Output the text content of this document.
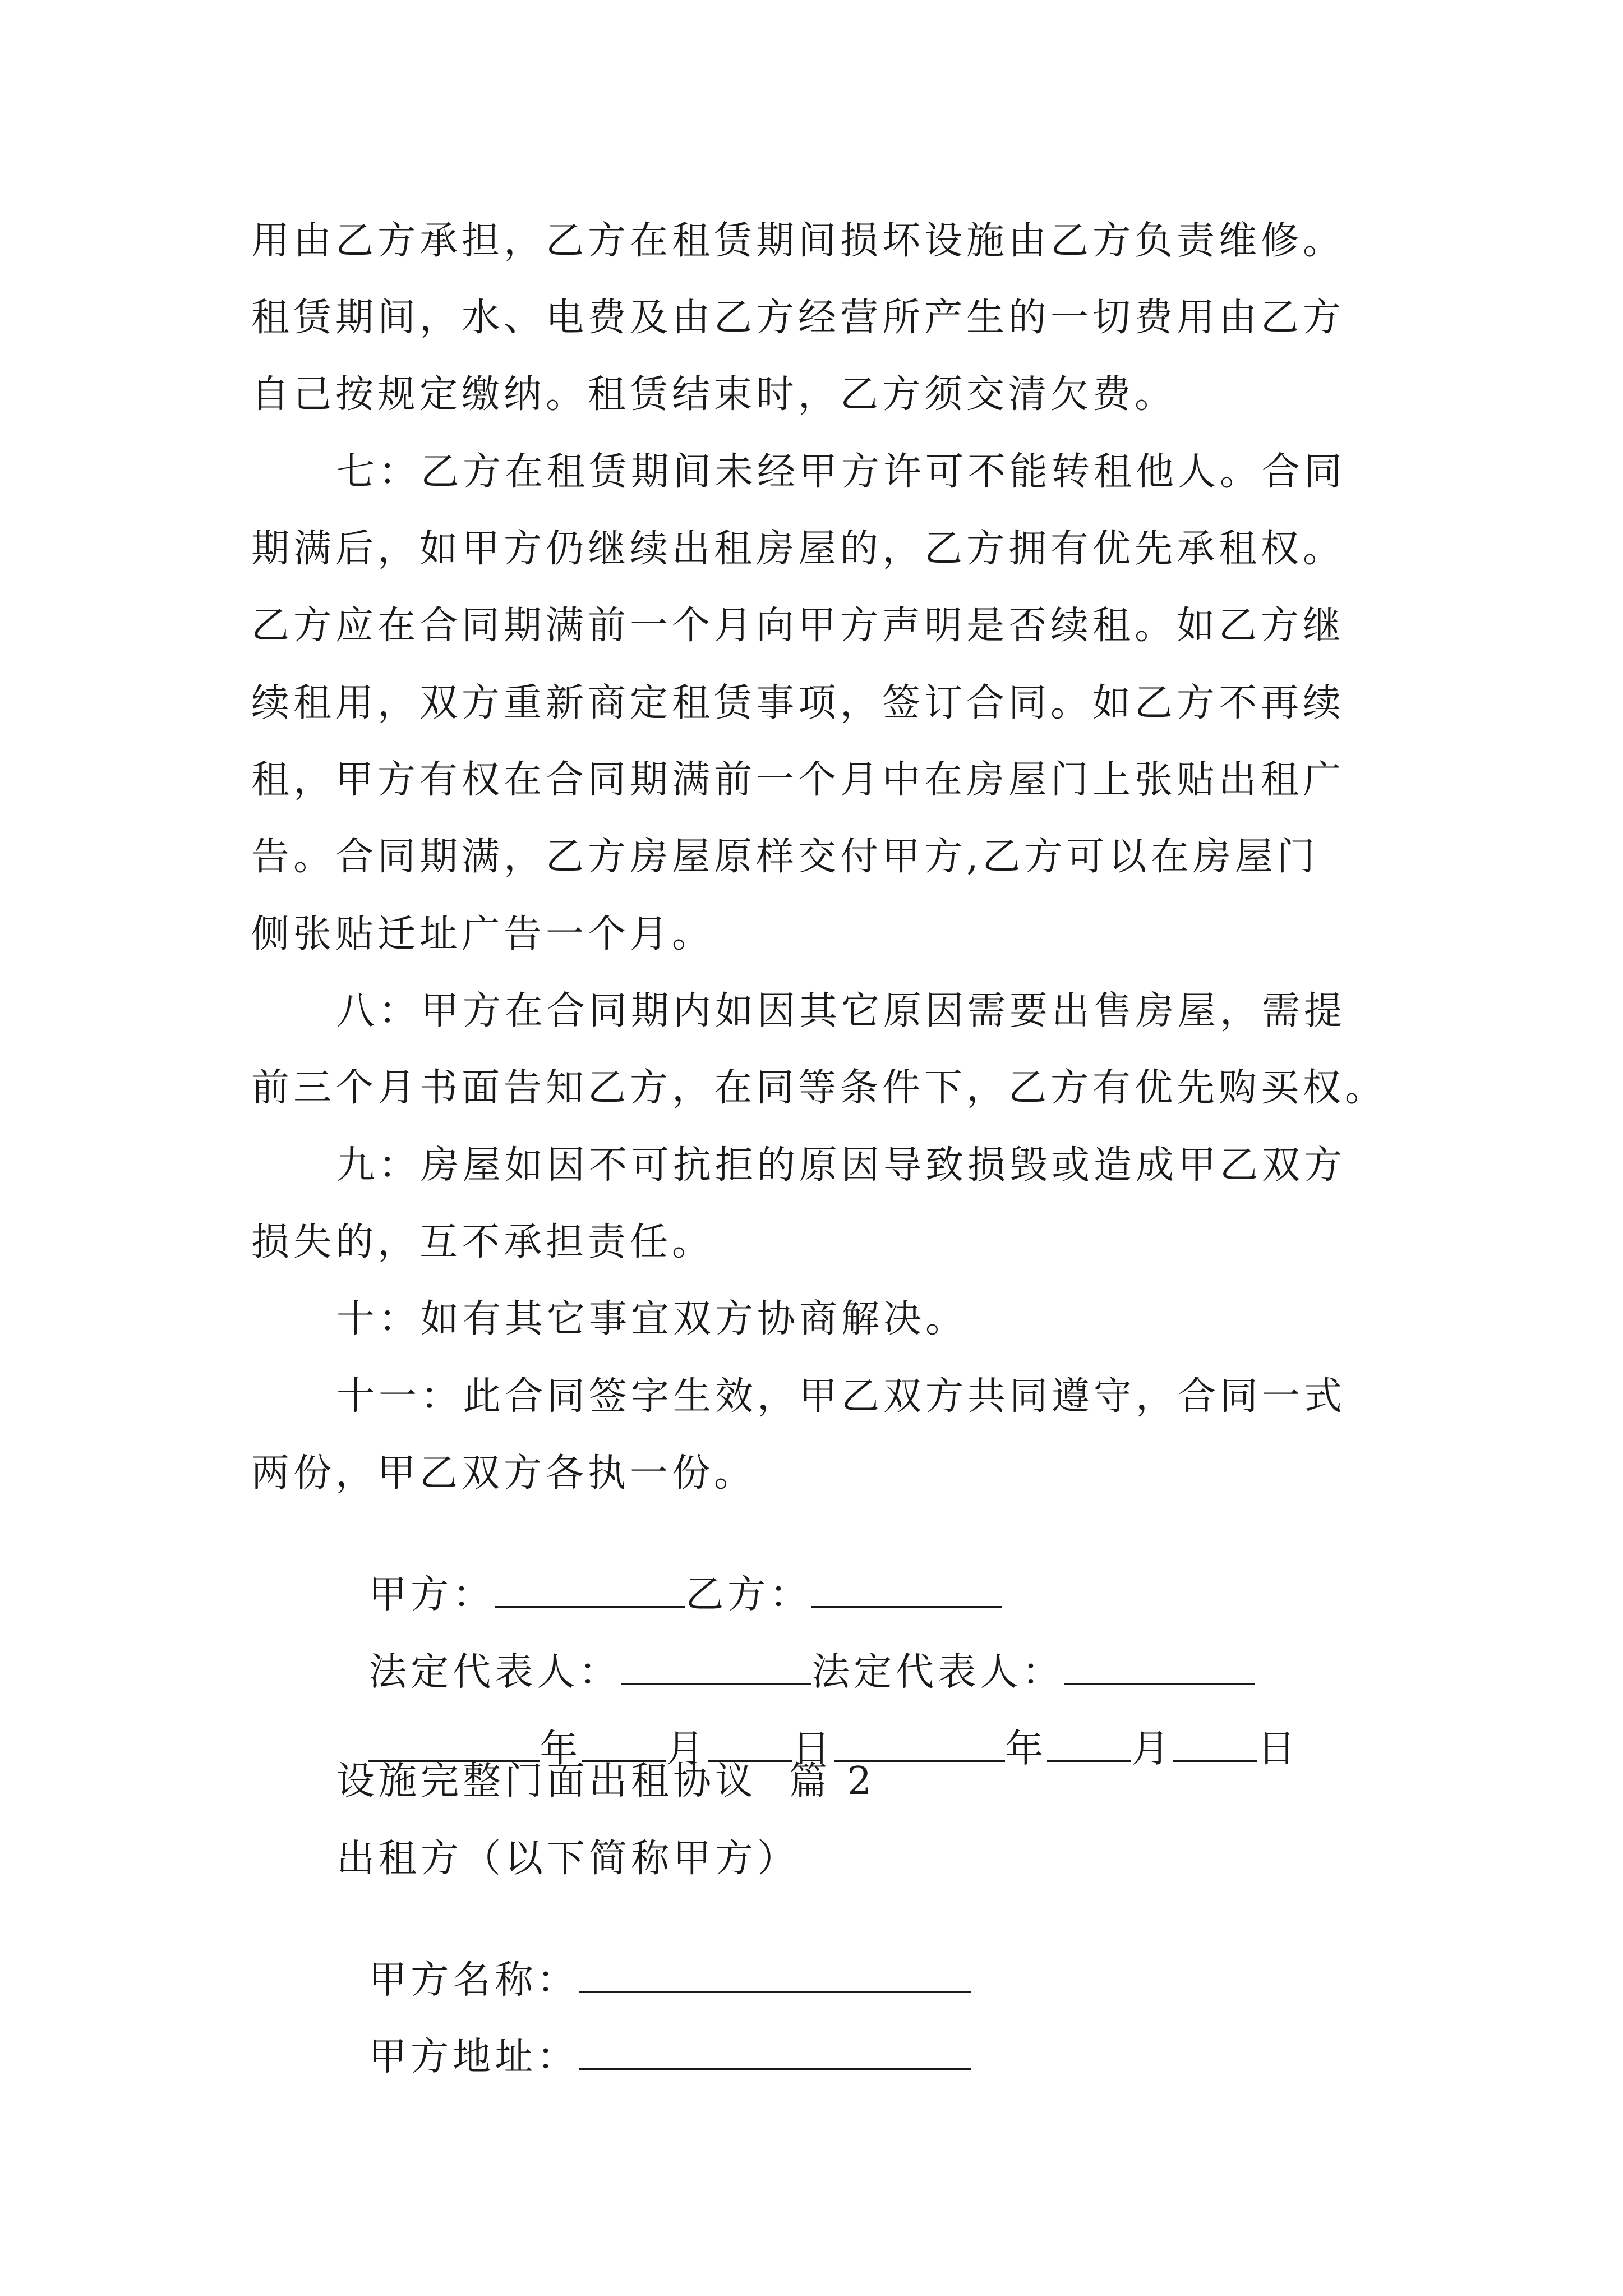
用由乙方承担，乙方在租赁期间损坏设施由乙方负责维修。
租赁期间，水、电费及由乙方经营所产生的一切费用由乙方
自己按规定缴纳。租赁结束时，乙方须交清欠费。
七：乙方在租赁期间未经甲方许可不能转租他人。合同
期满后，如甲方仍继续出租房屋的，乙方拥有优先承租权。
乙方应在合同期满前一个月向甲方声明是否续租。如乙方继
续租用，双方重新商定租赁事项，签订合同。如乙方不再续
租，甲方有权在合同期满前一个月中在房屋门上张贴出租广
告。合同期满，乙方房屋原样交付甲方,乙方可以在房屋门
侧张贴迁址广告一个月。
八：甲方在合同期内如因其它原因需要出售房屋，需提
前三个月书面告知乙方，在同等条件下，乙方有优先购买权。
九：房屋如因不可抗拒的原因导致损毁或造成甲乙双方
损失的，互不承担责任。
十：如有其它事宜双方协商解决。
十一：此合同签字生效，甲乙双方共同遵守，合同一式
两份，甲乙双方各执一份。

甲方：	乙方：

法定代表人：	法定代表人：

年 月 日	年 月 日

设施完整门面出租协议  篇 2
出租方（以下简称甲方）

甲方名称：

甲方地址：
